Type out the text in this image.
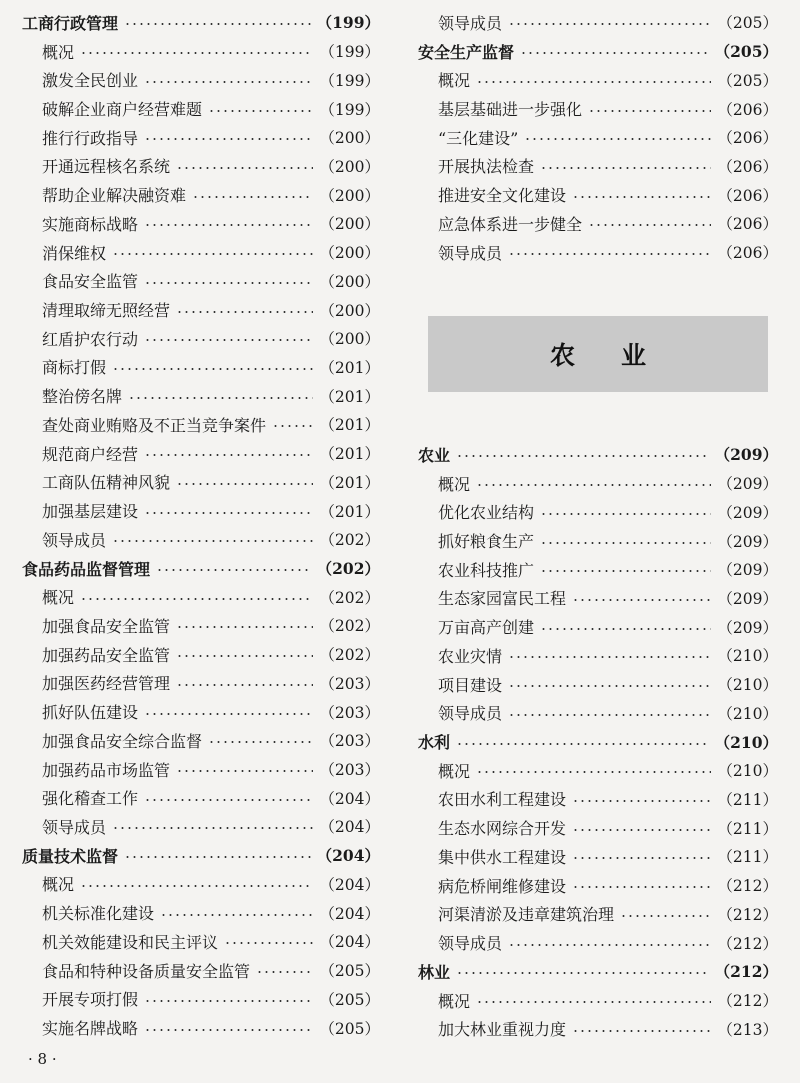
工商行政管理	（199）
概况	（199）
激发全民创业	（199）
破解企业商户经营难题	（199）
推行行政指导	（200）
开通远程核名系统	（200）
帮助企业解决融资难	（200）
实施商标战略	（200）
消保维权	（200）
食品安全监管	（200）
清理取缔无照经营	（200）
红盾护农行动	（200）
商标打假	（201）
整治傍名牌	（201）
查处商业贿赂及不正当竞争案件	（201）
规范商户经营	（201）
工商队伍精神风貌	（201）
加强基层建设	（201）
领导成员	（202）
食品药品监督管理	（202）
概况	（202）
加强食品安全监管	（202）
加强药品安全监管	（202）
加强医药经营管理	（203）
抓好队伍建设	（203）
加强食品安全综合监督	（203）
加强药品市场监管	（203）
强化稽查工作	（204）
领导成员	（204）
质量技术监督	（204）
概况	（204）
机关标准化建设	（204）
机关效能建设和民主评议	（204）
食品和特种设备质量安全监管	（205）
开展专项打假	（205）
实施名牌战略	（205）
领导成员	（205）
安全生产监督	（205）
概况	（205）
基层基础进一步强化	（206）
“三化建设”	（206）
开展执法检查	（206）
推进安全文化建设	（206）
应急体系进一步健全	（206）
领导成员	（206）
农业
农业	（209）
概况	（209）
优化农业结构	（209）
抓好粮食生产	（209）
农业科技推广	（209）
生态家园富民工程	（209）
万亩高产创建	（209）
农业灾情	（210）
项目建设	（210）
领导成员	（210）
水利	（210）
概况	（210）
农田水利工程建设	（211）
生态水网综合开发	（211）
集中供水工程建设	（211）
病危桥闸维修建设	（212）
河渠清淤及违章建筑治理	（212）
领导成员	（212）
林业	（212）
概况	（212）
加大林业重视力度	（213）
· 8 ·
